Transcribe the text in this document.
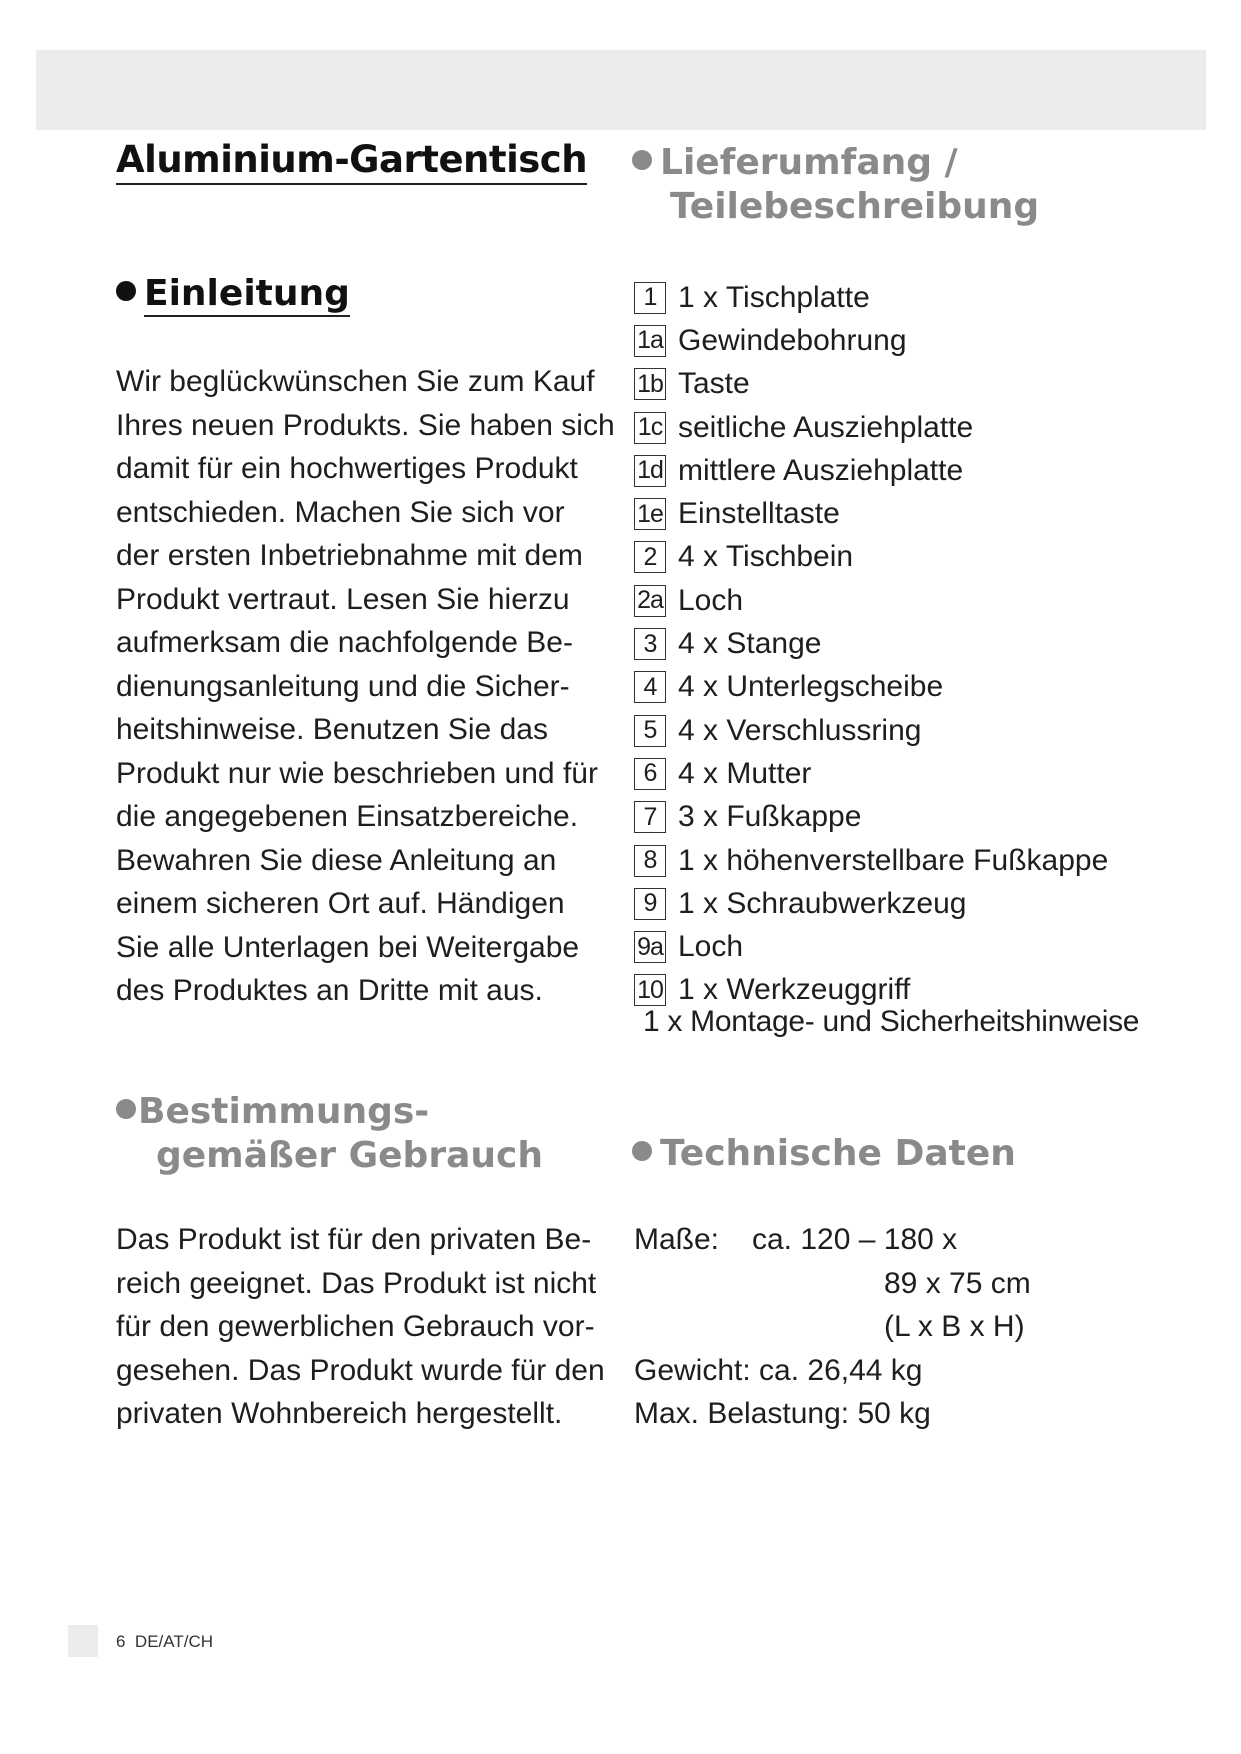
Aluminium-Gartentisch
Einleitung
Wir beglückwünschen Sie zum Kauf
Ihres neuen Produkts. Sie haben sich
damit für ein hochwertiges Produkt
entschieden. Machen Sie sich vor
der ersten Inbetriebnahme mit dem
Produkt vertraut. Lesen Sie hierzu
aufmerksam die nachfolgende Be-
dienungsanleitung und die Sicher-
heitshinweise. Benutzen Sie das
Produkt nur wie beschrieben und für
die angegebenen Einsatzbereiche.
Bewahren Sie diese Anleitung an
einem sicheren Ort auf. Händigen
Sie alle Unterlagen bei Weitergabe
des Produktes an Dritte mit aus.
Bestimmungs-
gemäßer Gebrauch
Das Produkt ist für den privaten Be-
reich geeignet. Das Produkt ist nicht
für den gewerblichen Gebrauch vor-
gesehen. Das Produkt wurde für den
privaten Wohnbereich hergestellt.
Lieferumfang /
Teilebeschreibung
1 1 x Tischplatte
1a Gewindebohrung
1b Taste
1c seitliche Ausziehplatte
1d mittlere Ausziehplatte
1e Einstelltaste
2 4 x Tischbein
2a Loch
3 4 x Stange
4 4 x Unterlegscheibe
5 4 x Verschlussring
6 4 x Mutter
7 3 x Fußkappe
8 1 x höhenverstellbare Fußkappe
9 1 x Schraubwerkzeug
9a Loch
10 1 x Werkzeuggriff
1 x Montage- und Sicherheitshinweise
Technische Daten
Maße: ca. 120 – 180 x
89 x 75 cm
(L x B x H)
Gewicht: ca. 26,44 kg
Max. Belastung: 50 kg
6 DE/AT/CH
